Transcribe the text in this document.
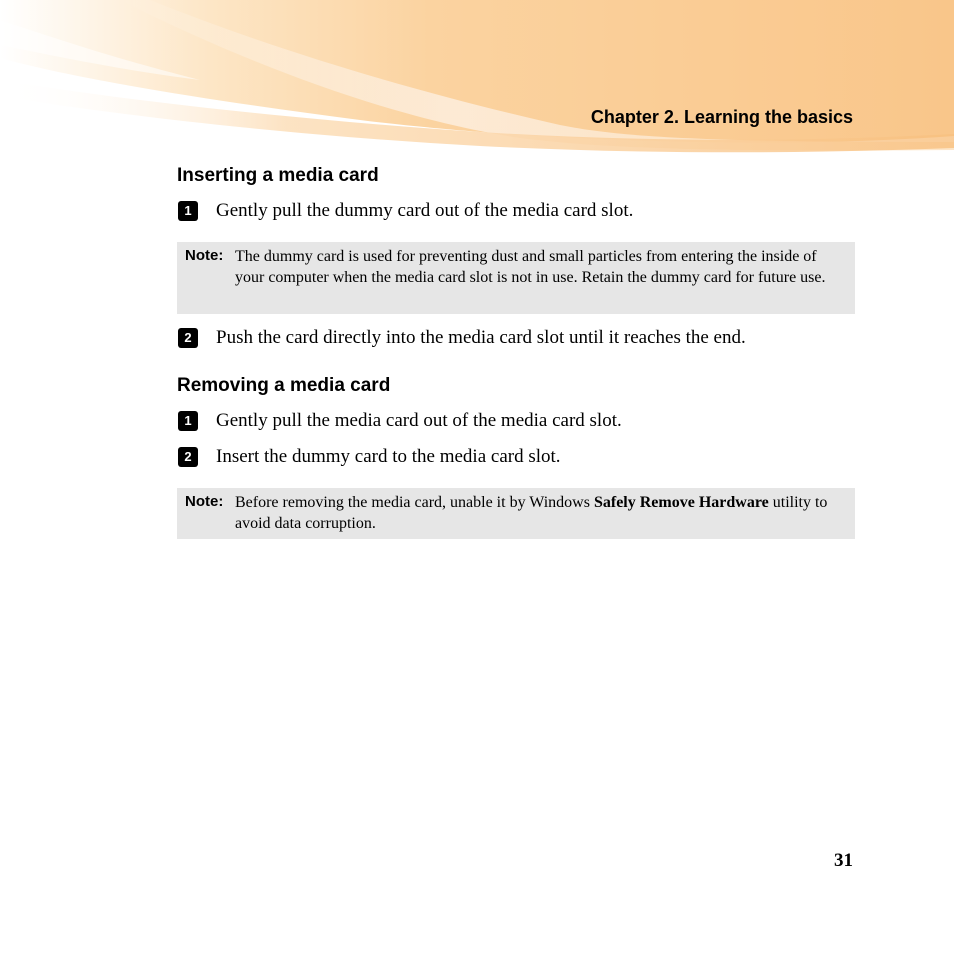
Chapter 2. Learning the basics
Inserting a media card
1	Gently pull the dummy card out of the media card slot.
Note: The dummy card is used for preventing dust and small particles from entering the inside of your computer when the media card slot is not in use. Retain the dummy card for future use.
2	Push the card directly into the media card slot until it reaches the end.
Removing a media card
1	Gently pull the media card out of the media card slot.
2	Insert the dummy card to the media card slot.
Note: Before removing the media card, unable it by Windows Safely Remove Hardware utility to avoid data corruption.
31
